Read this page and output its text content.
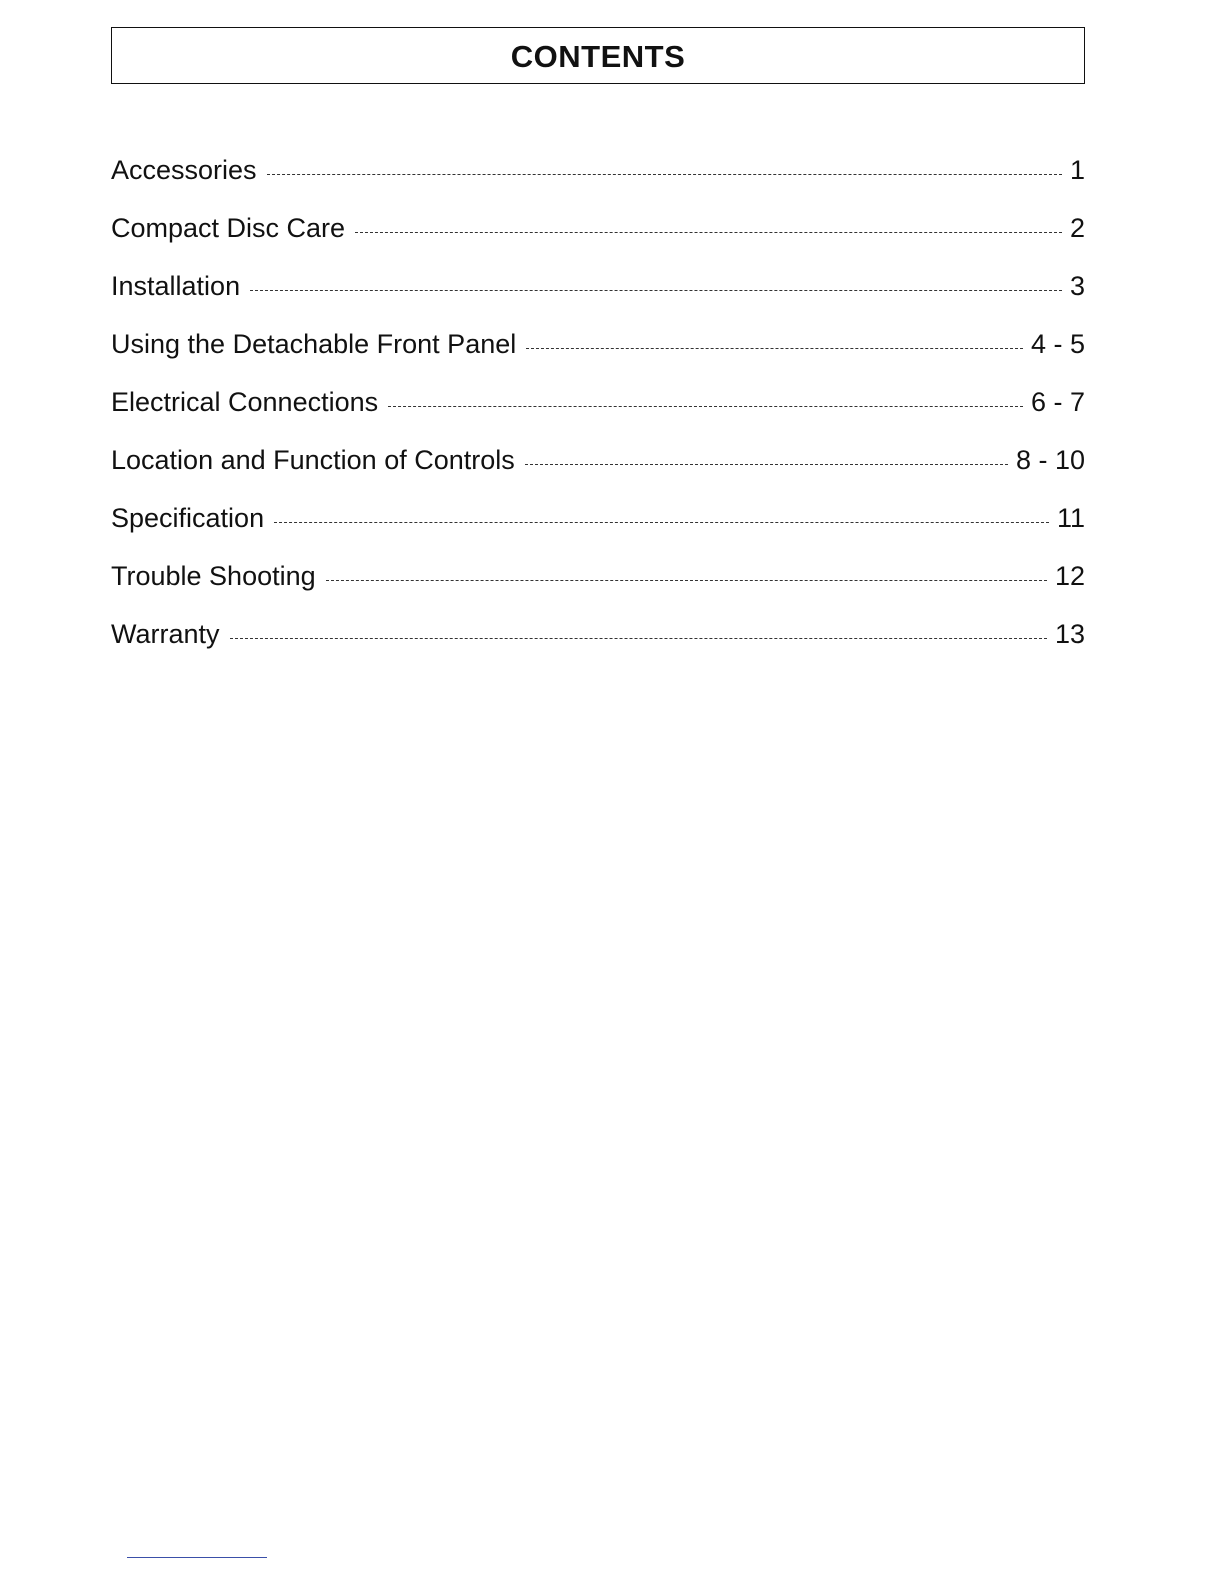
CONTENTS
Accessories	1
Compact Disc Care	2
Installation	3
Using the Detachable Front Panel	4 - 5
Electrical Connections	6 - 7
Location and Function of Controls	8 - 10
Specification	11
Trouble Shooting	12
Warranty	13
